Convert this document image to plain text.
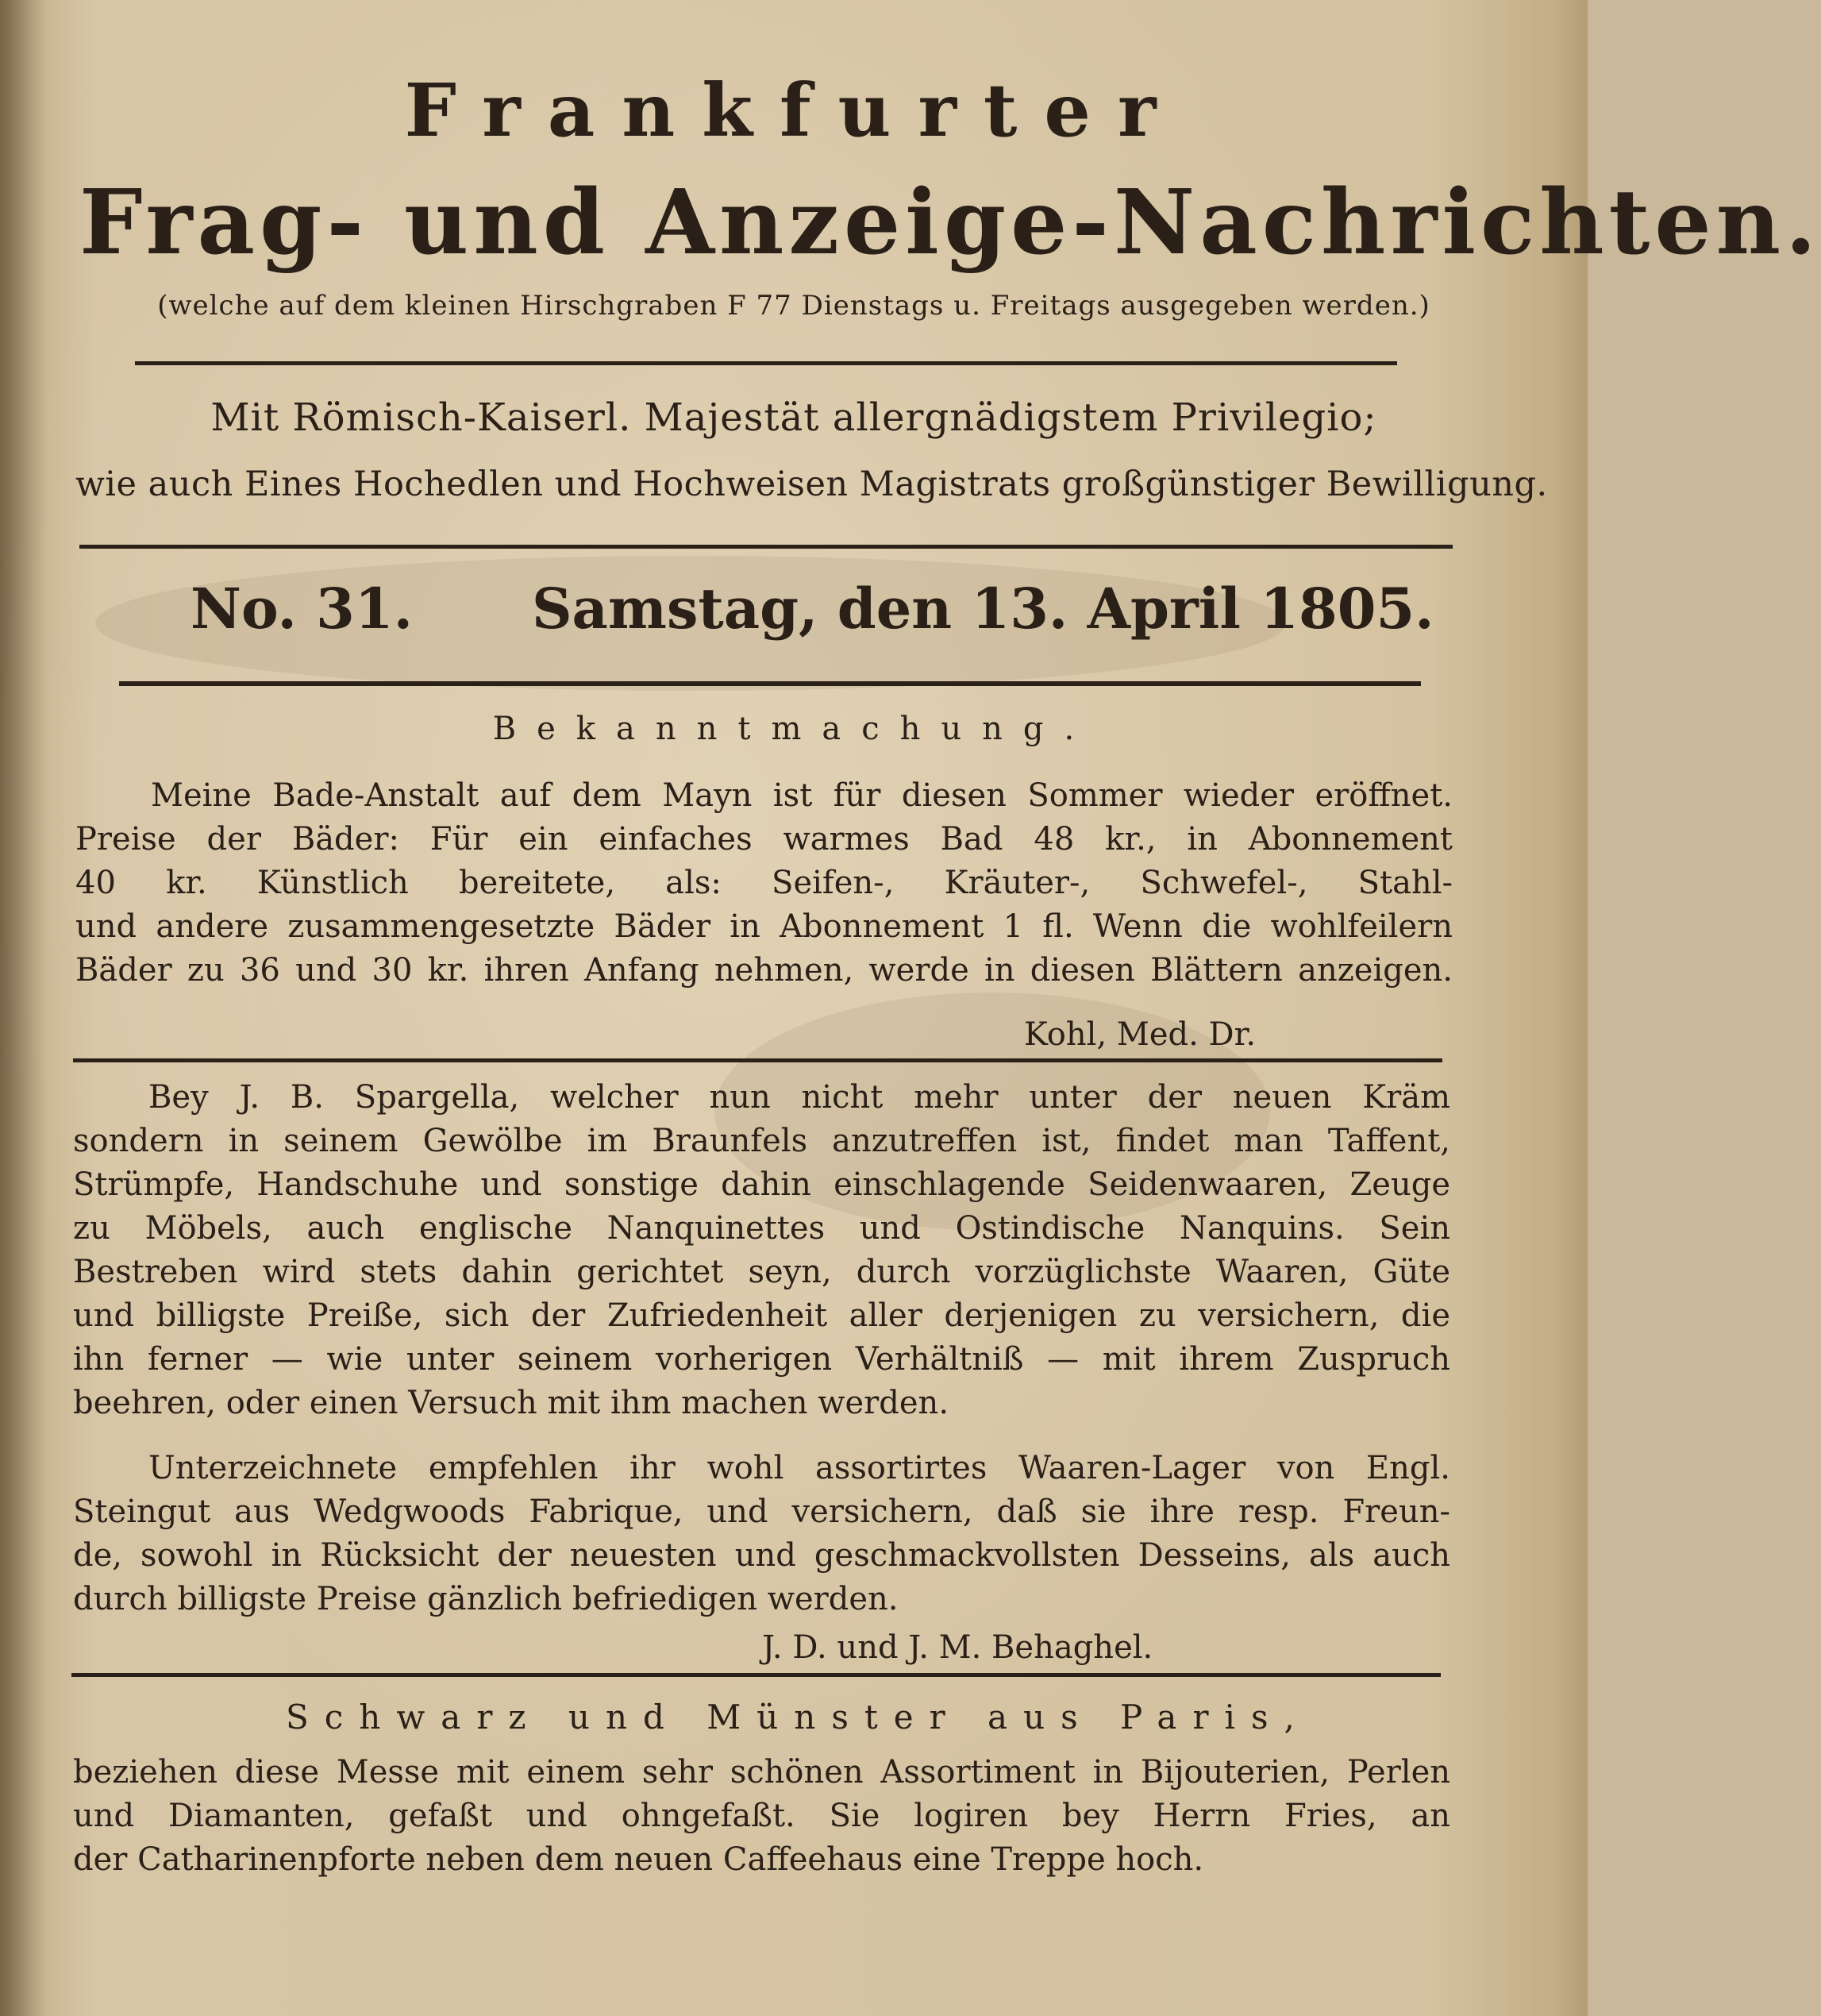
Frankfurter
Frag- und Anzeige-Nachrichten.
(welche auf dem kleinen Hirschgraben F 77 Dienstags u. Freitags ausgegeben werden.)
Mit Römisch-Kaiserl. Majestät allergnädigstem Privilegio;
wie auch Eines Hochedlen und Hochweisen Magistrats großgünstiger Bewilligung.
No. 31. Samstag, den 13. April 1805.
Bekanntmachung.
Meine Bade-Anstalt auf dem Mayn ist für diesen Sommer wieder eröffnet.
Preise der Bäder: Für ein einfaches warmes Bad 48 kr., in Abonnement
40 kr. Künstlich bereitete, als: Seifen-, Kräuter-, Schwefel-, Stahl-
und andere zusammengesetzte Bäder in Abonnement 1 fl. Wenn die wohlfeilern
Bäder zu 36 und 30 kr. ihren Anfang nehmen, werde in diesen Blättern anzeigen.
Kohl, Med. Dr.
Bey J. B. Spargella, welcher nun nicht mehr unter der neuen Kräm
sondern in seinem Gewölbe im Braunfels anzutreffen ist, findet man Taffent,
Strümpfe, Handschuhe und sonstige dahin einschlagende Seidenwaaren, Zeuge
zu Möbels, auch englische Nanquinettes und Ostindische Nanquins. Sein
Bestreben wird stets dahin gerichtet seyn, durch vorzüglichste Waaren, Güte
und billigste Preiße, sich der Zufriedenheit aller derjenigen zu versichern, die
ihn ferner — wie unter seinem vorherigen Verhältniß — mit ihrem Zuspruch
beehren, oder einen Versuch mit ihm machen werden.
Unterzeichnete empfehlen ihr wohl assortirtes Waaren-Lager von Engl.
Steingut aus Wedgwoods Fabrique, und versichern, daß sie ihre resp. Freun-
de, sowohl in Rücksicht der neuesten und geschmackvollsten Desseins, als auch
durch billigste Preise gänzlich befriedigen werden.
J. D. und J. M. Behaghel.
Schwarz und Münster aus Paris,
beziehen diese Messe mit einem sehr schönen Assortiment in Bijouterien, Perlen
und Diamanten, gefaßt und ohngefaßt. Sie logiren bey Herrn Fries, an
der Catharinenpforte neben dem neuen Caffeehaus eine Treppe hoch.
